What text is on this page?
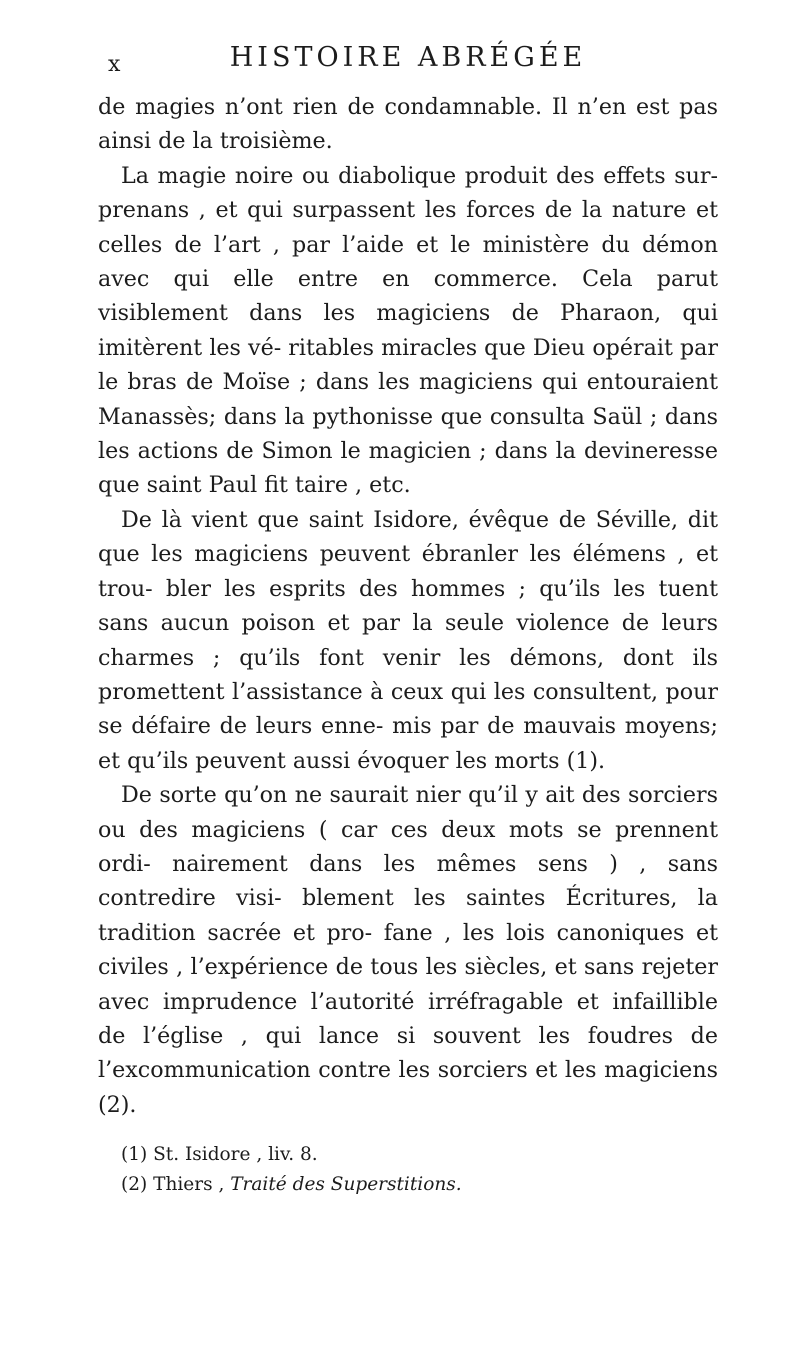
x	HISTOIRE ABRÉGÉE

de magies n’ont rien de condamnable. Il n’en est pas ainsi de la troisième.

La magie noire ou diabolique produit des effets sur- prenans , et qui surpassent les forces de la nature et celles de l’art , par l’aide et le ministère du démon avec qui elle entre en commerce. Cela parut visiblement dans les magiciens de Pharaon, qui imitèrent les vé- ritables miracles que Dieu opérait par le bras de Moïse ; dans les magiciens qui entouraient Manassès; dans la pythonisse que consulta Saül ; dans les actions de Simon le magicien ; dans la devineresse que saint Paul fit taire , etc.

De là vient que saint Isidore, évêque de Séville, dit que les magiciens peuvent ébranler les élémens , et trou- bler les esprits des hommes ; qu’ils les tuent sans aucun poison et par la seule violence de leurs charmes ; qu’ils font venir les démons, dont ils promettent l’assistance à ceux qui les consultent, pour se défaire de leurs enne- mis par de mauvais moyens; et qu’ils peuvent aussi évoquer les morts (1).

De sorte qu’on ne saurait nier qu’il y ait des sorciers ou des magiciens ( car ces deux mots se prennent ordi- nairement dans les mêmes sens ) , sans contredire visi- blement les saintes Écritures, la tradition sacrée et pro- fane , les lois canoniques et civiles , l’expérience de tous les siècles, et sans rejeter avec imprudence l’autorité irréfragable et infaillible de l’église , qui lance si souvent les foudres de l’excommunication contre les sorciers et les magiciens (2).

(1) St. Isidore , liv. 8.

(2) Thiers , Traité des Superstitions.
